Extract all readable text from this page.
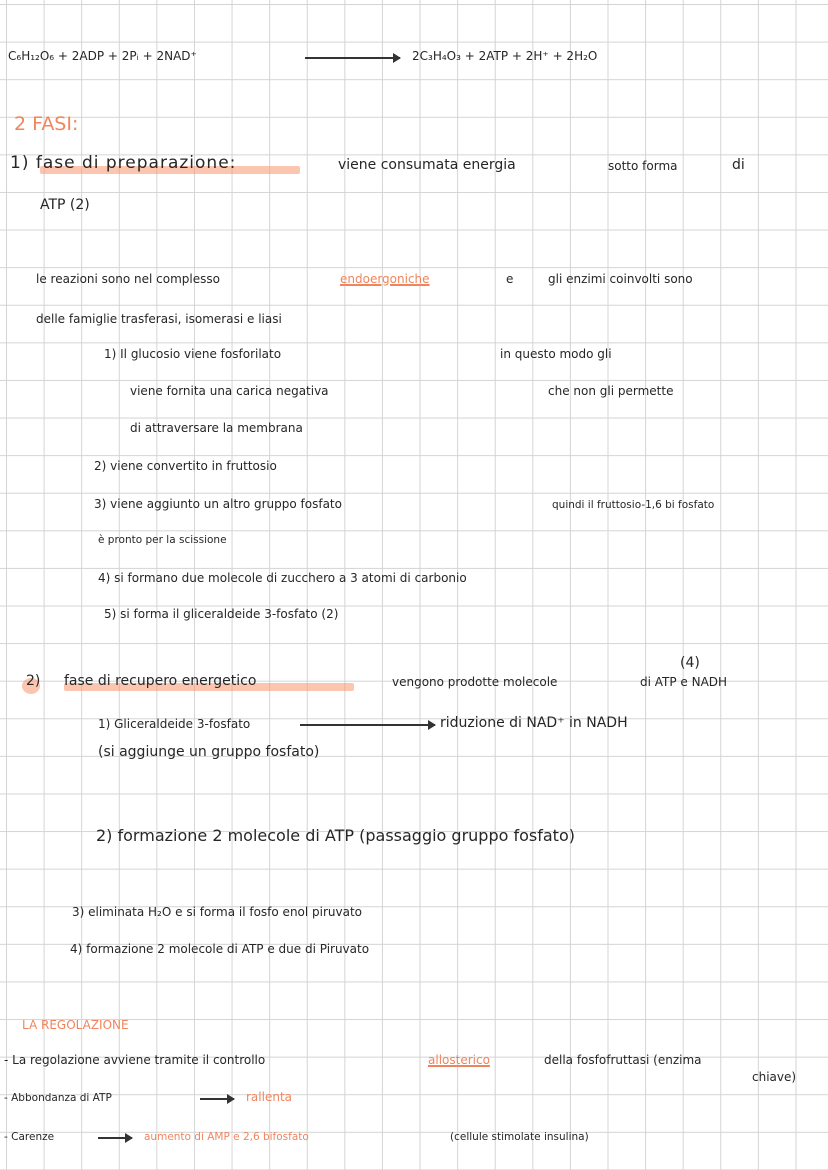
C₆H₁₂O₆ + 2ADP + 2Pᵢ + 2NAD⁺	2C₃H₄O₃ + 2ATP + 2H⁺ + 2H₂O
2 FASI:
1) fase di preparazione:	viene consumata energia	sotto forma	di
ATP (2)
le reazioni sono nel complesso	endoergoniche	e	gli enzimi coinvolti sono
delle famiglie trasferasi, isomerasi e liasi
1) Il glucosio viene fosforilato	in questo modo gli
viene fornita una carica negativa	che non gli permette
di attraversare la membrana
2) viene convertito in fruttosio
3) viene aggiunto un altro gruppo fosfato	quindi il fruttosio-1,6 bi fosfato
è pronto per la scissione
4) si formano due molecole di zucchero a 3 atomi di carbonio
5) si forma il gliceraldeide 3-fosfato (2)
2) fase di recupero energetico	vengono prodotte molecole
(4)
di ATP e NADH
1) Gliceraldeide 3-fosfato	riduzione di NAD⁺ in NADH
(si aggiunge un gruppo fosfato)
2) formazione 2 molecole di ATP (passaggio gruppo fosfato)
3) eliminata H₂O e si forma il fosfo enol piruvato
4) formazione 2 molecole di ATP e due di Piruvato
LA REGOLAZIONE
- La regolazione avviene tramite il controllo	allosterico	della fosfofruttasi (enzima
chiave)
- Abbondanza di ATP	rallenta
- Carenze	aumento di AMP e 2,6 bifosfato	(cellule stimolate insulina)
